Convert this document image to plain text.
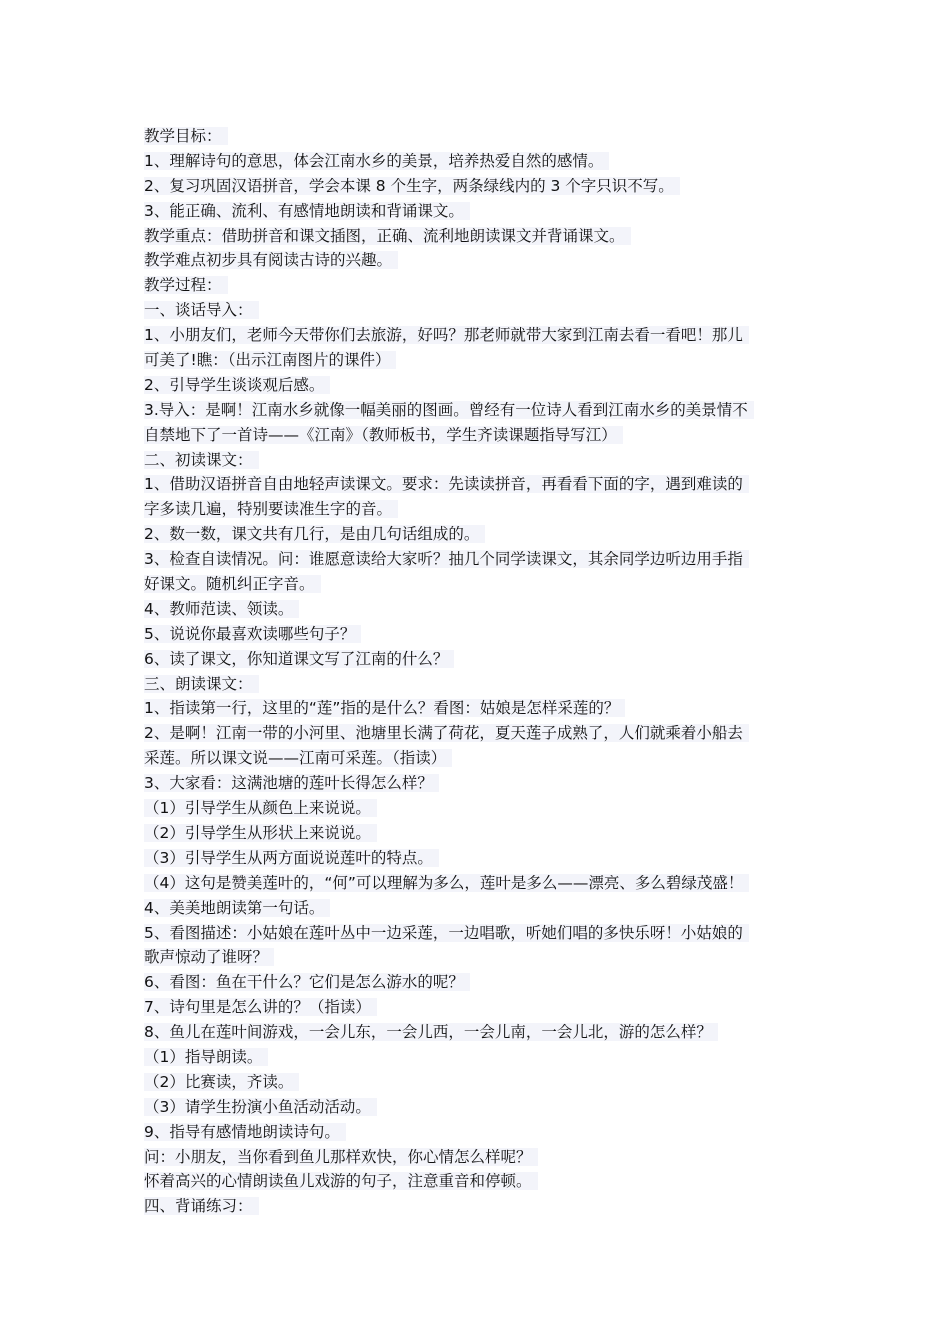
教学目标：
1、理解诗句的意思，体会江南水乡的美景，培养热爱自然的感情。
2、复习巩固汉语拼音，学会本课 8 个生字，两条绿线内的 3 个字只识不写。
3、能正确、流利、有感情地朗读和背诵课文。
教学重点：借助拼音和课文插图，正确、流利地朗读课文并背诵课文。
教学难点初步具有阅读古诗的兴趣。
教学过程：
一、谈话导入：
1、小朋友们，老师今天带你们去旅游，好吗？那老师就带大家到江南去看一看吧！那儿
可美了!瞧：（出示江南图片的课件）
2、引导学生谈谈观后感。
3.导入：是啊！江南水乡就像一幅美丽的图画。曾经有一位诗人看到江南水乡的美景情不
自禁地下了一首诗——《江南》（教师板书，学生齐读课题指导写江）
二、初读课文：
1、借助汉语拼音自由地轻声读课文。要求：先读读拼音，再看看下面的字，遇到难读的
字多读几遍，特别要读准生字的音。
2、数一数，课文共有几行，是由几句话组成的。
3、检查自读情况。问：谁愿意读给大家听？抽几个同学读课文，其余同学边听边用手指
好课文。随机纠正字音。
4、教师范读、领读。
5、说说你最喜欢读哪些句子？
6、读了课文，你知道课文写了江南的什么？
三、朗读课文：
1、指读第一行，这里的“莲”指的是什么？看图：姑娘是怎样采莲的？
2、是啊！江南一带的小河里、池塘里长满了荷花，夏天莲子成熟了，人们就乘着小船去
采莲。所以课文说——江南可采莲。（指读）
3、大家看：这满池塘的莲叶长得怎么样？
（1）引导学生从颜色上来说说。
（2）引导学生从形状上来说说。
（3）引导学生从两方面说说莲叶的特点。
（4）这句是赞美莲叶的，“何”可以理解为多么，莲叶是多么——漂亮、多么碧绿茂盛！
4、美美地朗读第一句话。
5、看图描述：小姑娘在莲叶丛中一边采莲，一边唱歌，听她们唱的多快乐呀！小姑娘的
歌声惊动了谁呀？
6、看图：鱼在干什么？它们是怎么游水的呢？
7、诗句里是怎么讲的？（指读）
8、鱼儿在莲叶间游戏，一会儿东，一会儿西，一会儿南，一会儿北，游的怎么样？
（1）指导朗读。
（2）比赛读，齐读。
（3）请学生扮演小鱼活动活动。
9、指导有感情地朗读诗句。
问：小朋友，当你看到鱼儿那样欢快，你心情怎么样呢？
怀着高兴的心情朗读鱼儿戏游的句子，注意重音和停顿。
四、背诵练习：
